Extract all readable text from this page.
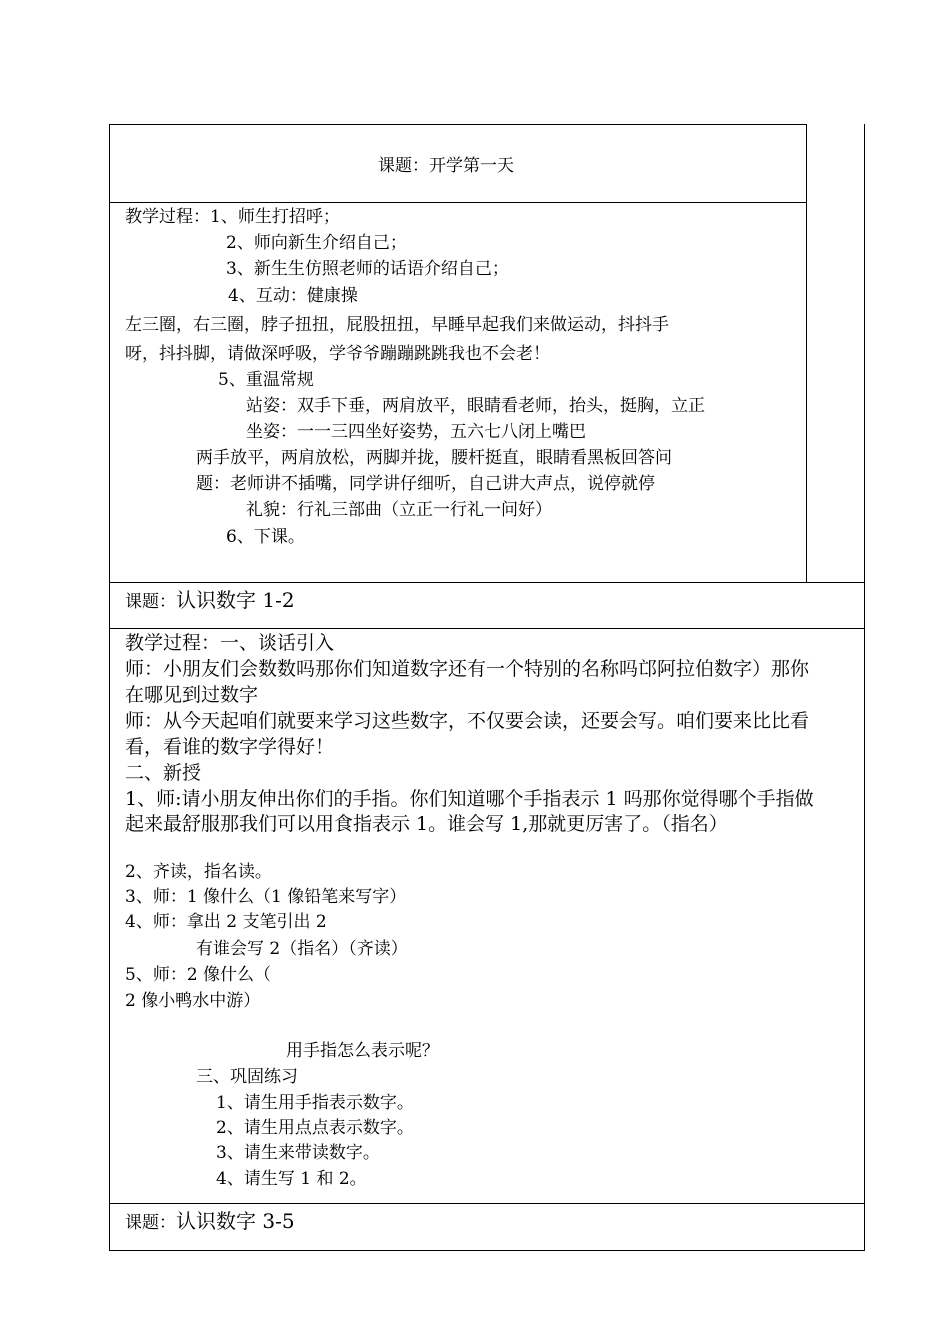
课题：开学第一天
教学过程：1、师生打招呼；
2、师向新生介绍自己；
3、新生生仿照老师的话语介绍自己；
4、互动：健康操
左三圈，右三圈，脖子扭扭，屁股扭扭，早睡早起我们来做运动，抖抖手
呀，抖抖脚，请做深呼吸，学爷爷蹦蹦跳跳我也不会老！
5、重温常规
站姿：双手下垂，两肩放平，眼睛看老师，抬头，挺胸，立正
坐姿：一一三四坐好姿势，五六七八闭上嘴巴
两手放平，两肩放松，两脚并拢，腰杆挺直，眼睛看黑板回答问
题：老师讲不插嘴，同学讲仔细听，自己讲大声点，说停就停
礼貌：行礼三部曲（立正一行礼一问好）
6、下课。
课题：认识数字 1-2
教学过程：一、谈话引入
师：小朋友们会数数吗那你们知道数字还有一个特别的名称吗邙阿拉伯数字）那你
在哪见到过数字
师：从今天起咱们就要来学习这些数字，不仅要会读，还要会写。咱们要来比比看
看，看谁的数字学得好！
二、新授
1、师:请小朋友伸出你们的手指。你们知道哪个手指表示 1 吗那你觉得哪个手指做
起来最舒服那我们可以用食指表示 1。谁会写 1,那就更厉害了。（指名）
2、齐读，指名读。
3、师：1 像什么（1 像铅笔来写字）
4、师：拿出 2 支笔引出 2
有谁会写 2（指名）（齐读）
5、师：2 像什么（
2 像小鸭水中游）
用手指怎么表示呢？
三、巩固练习
1、请生用手指表示数字。
2、请生用点点表示数字。
3、请生来带读数字。
4、请生写 1 和 2。
课题：认识数字 3-5
